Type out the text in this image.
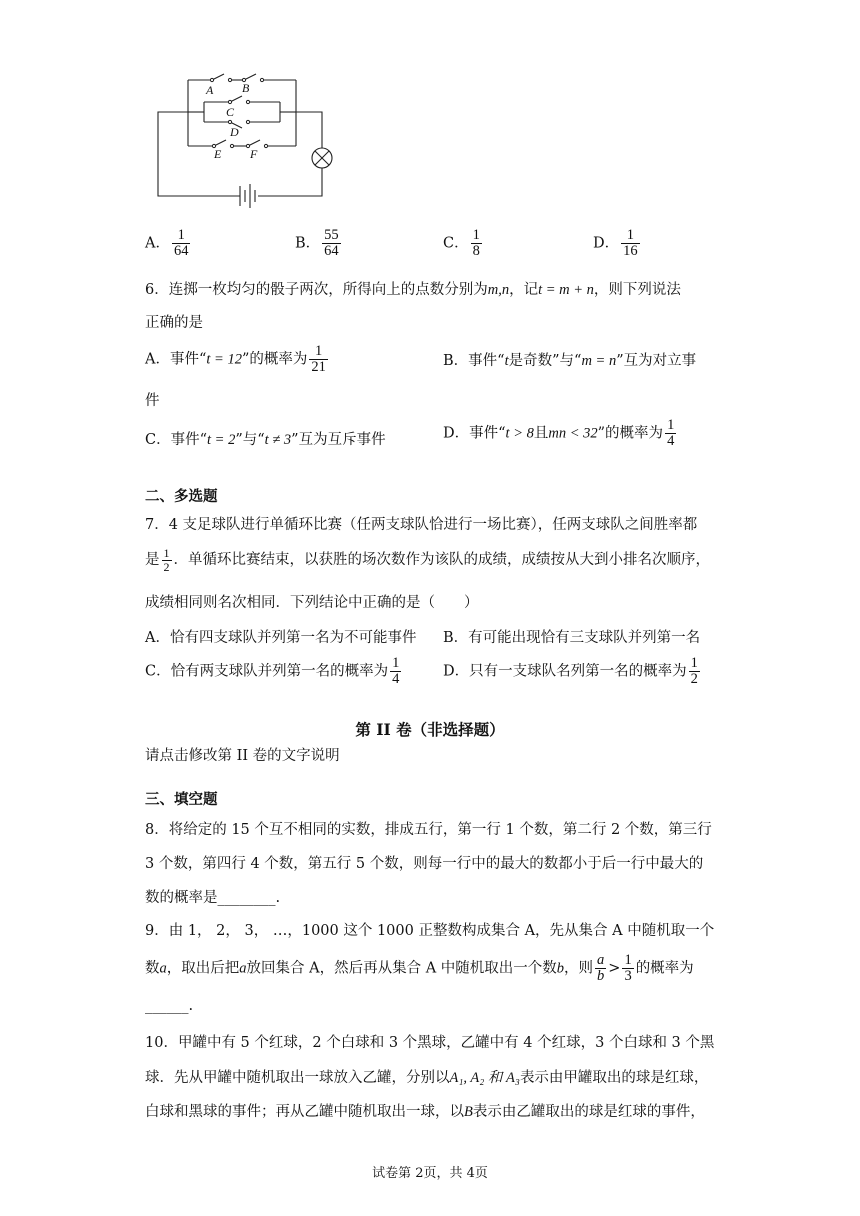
A B
C
D
E F
A． $\frac{1}{64}$	B． $\frac{55}{64}$	C． $\frac{1}{8}$	D． $\frac{1}{16}$
6．连掷一枚均匀的骰子两次，所得向上的点数分别为m,n，记t = m + n，则下列说法
正确的是
A．事件“t = 12”的概率为 $\frac{1}{21}$	B．事件“t是奇数”与“m = n”互为对立事
件
C．事件“t = 2”与“t ≠ 3”互为互斥事件	D．事件“t > 8且mn < 32”的概率为 $\frac{1}{4}$
二、多选题
7．4 支足球队进行单循环比赛（任两支球队恰进行一场比赛），任两支球队之间胜率都
是 $\frac{1}{2}$ ．单循环比赛结束，以获胜的场次数作为该队的成绩，成绩按从大到小排名次顺序，
成绩相同则名次相同．下列结论中正确的是（　　）
A．恰有四支球队并列第一名为不可能事件 B．有可能出现恰有三支球队并列第一名
C．恰有两支球队并列第一名的概率为 $\frac{1}{4}$	D．只有一支球队名列第一名的概率为 $\frac{1}{2}$
第 II 卷（非选择题）
请点击修改第 II 卷的文字说明
三、填空题
8．将给定的 15 个互不相同的实数，排成五行，第一行 1 个数，第二行 2 个数，第三行
3 个数，第四行 4 个数，第五行 5 个数，则每一行中的最大的数都小于后一行中最大的
数的概率是________.
9．由 1， 2， 3， …，1000 这个 1000 正整数构成集合 A，先从集合 A 中随机取一个
数a，取出后把a放回集合 A，然后再从集合 A 中随机取出一个数b，则 $\frac{a}{b} > \frac{1}{3}$ 的概率为
______.
10．甲罐中有 5 个红球，2 个白球和 3 个黑球，乙罐中有 4 个红球，3 个白球和 3 个黑
球．先从甲罐中随机取出一球放入乙罐，分别以A₁, A₂ 和 A₃表示由甲罐取出的球是红球，
白球和黑球的事件；再从乙罐中随机取出一球，以B表示由乙罐取出的球是红球的事件，
试卷第 2页，共 4页
